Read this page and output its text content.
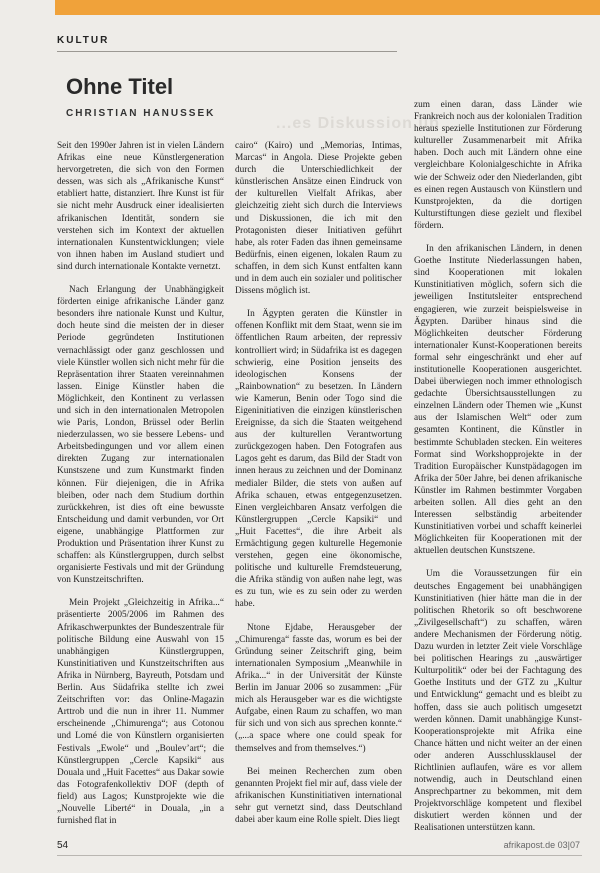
KULTUR
...es Diskussion üb
Ohne Titel
CHRISTIAN HANUSSEK

Seit den 1990er Jahren ist in vielen Ländern Afrikas eine neue Künstlergeneration hervorgetreten, die sich von den Formen dessen, was sich als „Afrikanische Kunst“ etabliert hatte, distanziert. Ihre Kunst ist für sie nicht mehr Ausdruck einer idealisierten afrikanischen Identität, sondern sie verstehen sich im Kontext der aktuellen internationalen Kunstentwicklungen; viele von ihnen haben im Ausland studiert und sind durch internationale Kontakte vernetzt.

Nach Erlangung der Unabhängigkeit förderten einige afrikanische Länder ganz besonders ihre nationale Kunst und Kultur, doch heute sind die meisten der in dieser Periode gegründeten Institutionen vernachlässigt oder ganz geschlossen und viele Künstler wollen sich nicht mehr für die Repräsentation ihrer Staaten vereinnahmen lassen. Einige Künstler haben die Möglichkeit, den Kontinent zu verlassen und sich in den internationalen Metropolen wie Paris, London, Brüssel oder Berlin niederzulassen, wo sie bessere Lebens- und Arbeitsbedingungen und vor allem einen direkten Zugang zur internationalen Kunstszene und zum Kunstmarkt finden können. Für diejenigen, die in Afrika bleiben, oder nach dem Studium dorthin zurückkehren, ist dies oft eine bewusste Entscheidung und damit verbunden, vor Ort eigene, unabhängige Plattformen zur Produktion und Präsentation ihrer Kunst zu schaffen: als Künstlergruppen, durch selbst organisierte Festivals und mit der Gründung von Kunstzeitschriften.

Mein Projekt „Gleichzeitig in Afrika...“ präsentierte 2005/2006 im Rahmen des Afrikaschwerpunktes der Bundeszentrale für politische Bildung eine Auswahl von 15 unabhängigen Künstlergruppen, Kunstinitiativen und Kunstzeitschriften aus Afrika in Nürnberg, Bayreuth, Potsdam und Berlin. Aus Südafrika stellte ich zwei Zeitschriften vor: das Online-Magazin Arttrob und die nun in ihrer 11. Nummer erscheinende „Chimurenga“; aus Cotonou und Lomé die von Künstlern organisierten Festivals „Ewole“ und „Boulev’art“; die Künstlergruppen „Cercle Kapsiki“ aus Douala und „Huit Facettes“ aus Dakar sowie das Fotografenkollektiv DOF (depth of field) aus Lagos; Kunstprojekte wie die „Nouvelle Liberté“ in Douala, „in a furnished flat in

cairo“ (Kairo) und „Memorias, Intimas, Marcas“ in Angola. Diese Projekte geben durch die Unterschiedlichkeit der künstlerischen Ansätze einen Eindruck von der kulturellen Vielfalt Afrikas, aber gleichzeitig zieht sich durch die Interviews und Diskussionen, die ich mit den Protagonisten dieser Initiativen geführt habe, als roter Faden das ihnen gemeinsame Bedürfnis, einen eigenen, lokalen Raum zu schaffen, in dem sich Kunst entfalten kann und in dem auch ein sozialer und politischer Dissens möglich ist.

In Ägypten geraten die Künstler in offenen Konflikt mit dem Staat, wenn sie im öffentlichen Raum arbeiten, der repressiv kontrolliert wird; in Südafrika ist es dagegen schwierig, eine Position jenseits des ideologischen Konsens der „Rainbownation“ zu besetzen. In Ländern wie Kamerun, Benin oder Togo sind die Eigeninitiativen die einzigen künstlerischen Ereignisse, da sich die Staaten weitgehend aus der kulturellen Verantwortung zurückgezogen haben. Den Fotografen aus Lagos geht es darum, das Bild der Stadt von innen heraus zu zeichnen und der Dominanz medialer Bilder, die stets von außen auf Afrika schauen, etwas entgegenzusetzen. Einen vergleichbaren Ansatz verfolgen die Künstlergruppen „Cercle Kapsiki“ und „Huit Facettes“, die ihre Arbeit als Ermächtigung gegen kulturelle Hegemonie verstehen, gegen eine ökonomische, politische und kulturelle Fremdsteuerung, die Afrika ständig von außen nahe legt, was es zu tun, wie es zu sein oder zu werden habe.

Ntone Ejdabe, Herausgeber der „Chimurenga“ fasste das, worum es bei der Gründung seiner Zeitschrift ging, beim internationalen Symposium „Meanwhile in Afrika...“ in der Universität der Künste Berlin im Januar 2006 so zusammen: „Für mich als Herausgeber war es die wichtigste Aufgabe, einen Raum zu schaffen, wo man für sich und von sich aus sprechen konnte.“ („...a space where one could speak for themselves and from themselves.“)

Bei meinen Recherchen zum oben genannten Projekt fiel mir auf, dass viele der afrikanischen Kunstinitiativen international sehr gut vernetzt sind, dass Deutschland dabei aber kaum eine Rolle spielt. Dies liegt

zum einen daran, dass Länder wie Frankreich noch aus der kolonialen Tradition heraus spezielle Institutionen zur Förderung kultureller Zusammenarbeit mit Afrika haben. Doch auch mit Ländern ohne eine vergleichbare Kolonialgeschichte in Afrika wie der Schweiz oder den Niederlanden, gibt es einen regen Austausch von Künstlern und Kunstprojekten, da die dortigen Kulturstiftungen diese gezielt und flexibel fördern.

In den afrikanischen Ländern, in denen Goethe Institute Niederlassungen haben, sind Kooperationen mit lokalen Kunstinitiativen möglich, sofern sich die jeweiligen Institutsleiter entsprechend engagieren, wie zurzeit beispielsweise in Ägypten. Darüber hinaus sind die Möglichkeiten deutscher Förderung internationaler Kunst-Kooperationen bereits formal sehr eingeschränkt und eher auf institutionelle Kooperationen ausgerichtet. Dabei überwiegen noch immer ethnologisch gedachte Übersichtsausstellungen zu einzelnen Ländern oder Themen wie „Kunst aus der Islamischen Welt“ oder zum gesamten Kontinent, die Künstler in bestimmte Schubladen stecken. Ein weiteres Format sind Workshopprojekte in der Tradition Europäischer Kunstpädagogen im Afrika der 50er Jahre, bei denen afrikanische Künstler im Rahmen bestimmter Vorgaben arbeiten sollen. All dies geht an den Interessen selbständig arbeitender Kunstinitiativen vorbei und schafft keinerlei Möglichkeiten für Kooperationen mit der aktuellen deutschen Kunstszene.

Um die Voraussetzungen für ein deutsches Engagement bei unabhängigen Kunstinitiativen (hier hätte man die in der politischen Rhetorik so oft beschworene „Zivilgesellschaft“) zu schaffen, wären andere Mechanismen der Förderung nötig. Dazu wurden in letzter Zeit viele Vorschläge bei politischen Hearings zu „auswärtiger Kulturpolitik“ oder bei der Fachtagung des Goethe Instituts und der GTZ zu „Kultur und Entwicklung“ gemacht und es bleibt zu hoffen, dass sie auch politisch umgesetzt werden können. Damit unabhängige Kunst-Kooperationsprojekte mit Afrika eine Chance hätten und nicht weiter an der einen oder anderen Ausschlussklausel der Richtlinien auflaufen, wäre es vor allem notwendig, auch in Deutschland einen Ansprechpartner zu bekommen, mit dem Projektvorschläge kompetent und flexibel diskutiert werden können und der Realisationen unterstützen kann.

54	afrikapost.de 03|07
